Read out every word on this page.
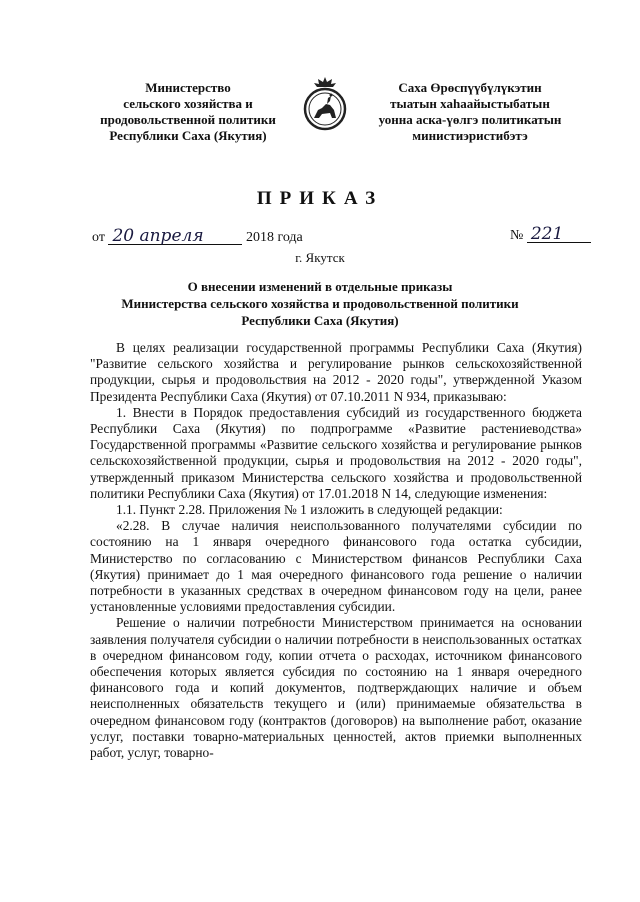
Министерство
сельского хозяйства и
продовольственной политики
Республики Саха (Якутия)
Саха Өрөспүүбүлүкэтин
тыатын хаһаайыстыбатын
уонна аска-үөлгэ политикатын
министиэристибэтэ
ПРИКАЗ
от 20 апреля	2018 года	№ 221
г. Якутск
О внесении изменений в отдельные приказы
Министерства сельского хозяйства и продовольственной политики
Республики Саха (Якутия)

В целях реализации государственной программы Республики Саха (Якутия) "Развитие сельского хозяйства и регулирование рынков сельскохозяйственной продукции, сырья и продовольствия на 2012 - 2020 годы", утвержденной Указом Президента Республики Саха (Якутия) от 07.10.2011 N 934, приказываю:

1. Внести в Порядок предоставления субсидий из государственного бюджета Республики Саха (Якутия) по подпрограмме «Развитие растениеводства» Государственной программы «Развитие сельского хозяйства и регулирование рынков сельскохозяйственной продукции, сырья и продовольствия на 2012 - 2020 годы", утвержденный приказом Министерства сельского хозяйства и продовольственной политики Республики Саха (Якутия) от 17.01.2018 N 14, следующие изменения:

1.1. Пункт 2.28. Приложения № 1 изложить в следующей редакции:

«2.28. В случае наличия неиспользованного получателями субсидии по состоянию на 1 января очередного финансового года остатка субсидии, Министерство по согласованию с Министерством финансов Республики Саха (Якутия) принимает до 1 мая очередного финансового года решение о наличии потребности в указанных средствах в очередном финансовом году на цели, ранее установленные условиями предоставления субсидии.

Решение о наличии потребности Министерством принимается на основании заявления получателя субсидии о наличии потребности в неиспользованных остатках в очередном финансовом году, копии отчета о расходах, источником финансового обеспечения которых является субсидия по состоянию на 1 января очередного финансового года и копий документов, подтверждающих наличие и объем неисполненных обязательств текущего и (или) принимаемые обязательства в очередном финансовом году (контрактов (договоров) на выполнение работ, оказание услуг, поставки товарно-материальных ценностей, актов приемки выполненных работ, услуг, товарно-
